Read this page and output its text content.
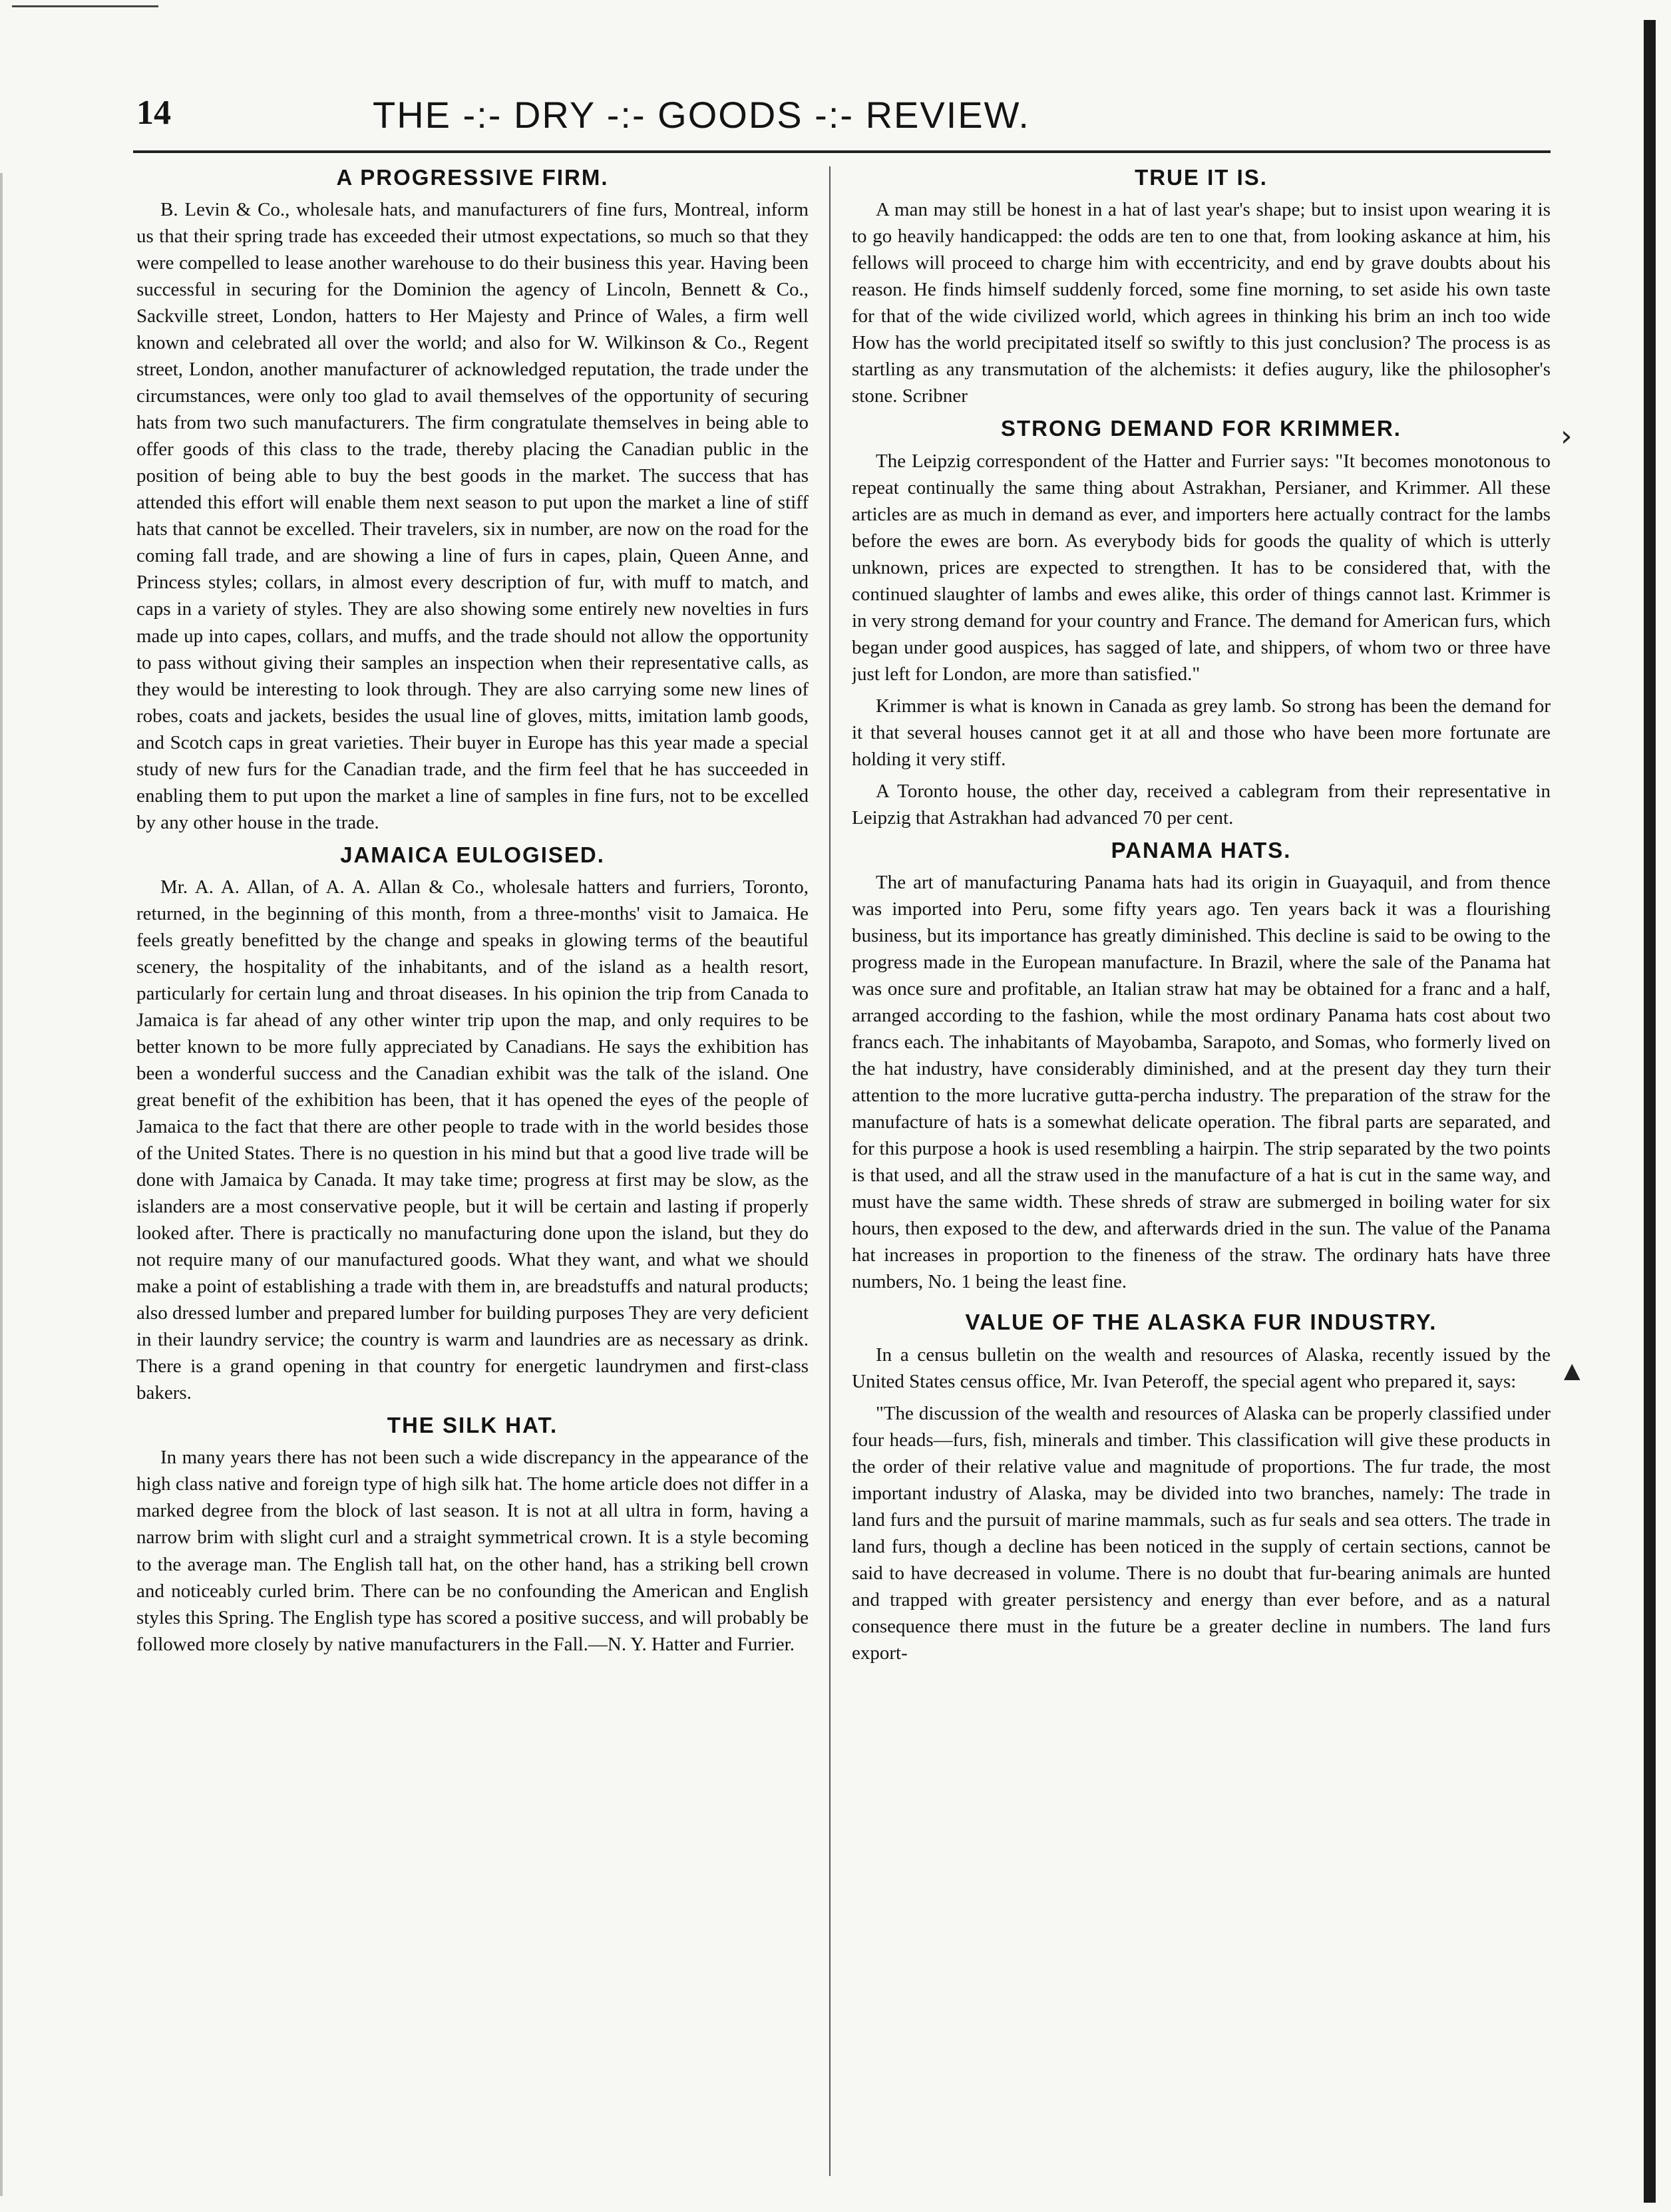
14	THE -:- DRY -:- GOODS -:- REVIEW.
A PROGRESSIVE FIRM.

B. Levin & Co., wholesale hats, and manufacturers of fine furs, Montreal, inform us that their spring trade has exceeded their utmost expectations, so much so that they were compelled to lease another warehouse to do their business this year. Having been successful in securing for the Dominion the agency of Lincoln, Bennett & Co., Sackville street, London, hatters to Her Majesty and Prince of Wales, a firm well known and celebrated all over the world; and also for W. Wilkinson & Co., Regent street, London, another manufacturer of acknowledged reputation, the trade under the circumstances, were only too glad to avail themselves of the opportunity of securing hats from two such manufacturers. The firm congratulate themselves in being able to offer goods of this class to the trade, thereby placing the Canadian public in the position of being able to buy the best goods in the market. The success that has attended this effort will enable them next season to put upon the market a line of stiff hats that cannot be excelled. Their travelers, six in number, are now on the road for the coming fall trade, and are showing a line of furs in capes, plain, Queen Anne, and Princess styles; collars, in almost every description of fur, with muff to match, and caps in a variety of styles. They are also showing some entirely new novelties in furs made up into capes, collars, and muffs, and the trade should not allow the opportunity to pass without giving their samples an inspection when their representative calls, as they would be interesting to look through. They are also carrying some new lines of robes, coats and jackets, besides the usual line of gloves, mitts, imitation lamb goods, and Scotch caps in great varieties. Their buyer in Europe has this year made a special study of new furs for the Canadian trade, and the firm feel that he has succeeded in enabling them to put upon the market a line of samples in fine furs, not to be excelled by any other house in the trade.

JAMAICA EULOGISED.

Mr. A. A. Allan, of A. A. Allan & Co., wholesale hatters and furriers, Toronto, returned, in the beginning of this month, from a three-months' visit to Jamaica. He feels greatly benefitted by the change and speaks in glowing terms of the beautiful scenery, the hospitality of the inhabitants, and of the island as a health resort, particularly for certain lung and throat diseases. In his opinion the trip from Canada to Jamaica is far ahead of any other winter trip upon the map, and only requires to be better known to be more fully appreciated by Canadians. He says the exhibition has been a wonderful success and the Canadian exhibit was the talk of the island. One great benefit of the exhibition has been, that it has opened the eyes of the people of Jamaica to the fact that there are other people to trade with in the world besides those of the United States. There is no question in his mind but that a good live trade will be done with Jamaica by Canada. It may take time; progress at first may be slow, as the islanders are a most conservative people, but it will be certain and lasting if properly looked after. There is practically no manufacturing done upon the island, but they do not require many of our manufactured goods. What they want, and what we should make a point of establishing a trade with them in, are breadstuffs and natural products; also dressed lumber and prepared lumber for building purposes They are very deficient in their laundry service; the country is warm and laundries are as necessary as drink. There is a grand opening in that country for energetic laundrymen and first-class bakers.

THE SILK HAT.

In many years there has not been such a wide discrepancy in the appearance of the high class native and foreign type of high silk hat. The home article does not differ in a marked degree from the block of last season. It is not at all ultra in form, having a narrow brim with slight curl and a straight symmetrical crown. It is a style becoming to the average man. The English tall hat, on the other hand, has a striking bell crown and noticeably curled brim. There can be no confounding the American and English styles this Spring. The English type has scored a positive success, and will probably be followed more closely by native manufacturers in the Fall.—N. Y. Hatter and Furrier.

TRUE IT IS.

A man may still be honest in a hat of last year's shape; but to insist upon wearing it is to go heavily handicapped: the odds are ten to one that, from looking askance at him, his fellows will proceed to charge him with eccentricity, and end by grave doubts about his reason. He finds himself suddenly forced, some fine morning, to set aside his own taste for that of the wide civilized world, which agrees in thinking his brim an inch too wide How has the world precipitated itself so swiftly to this just conclusion? The process is as startling as any transmutation of the alchemists: it defies augury, like the philosopher's stone. Scribner

STRONG DEMAND FOR KRIMMER.

The Leipzig correspondent of the Hatter and Furrier says: "It becomes monotonous to repeat continually the same thing about Astrakhan, Persianer, and Krimmer. All these articles are as much in demand as ever, and importers here actually contract for the lambs before the ewes are born. As everybody bids for goods the quality of which is utterly unknown, prices are expected to strengthen. It has to be considered that, with the continued slaughter of lambs and ewes alike, this order of things cannot last. Krimmer is in very strong demand for your country and France. The demand for American furs, which began under good auspices, has sagged of late, and shippers, of whom two or three have just left for London, are more than satisfied."

Krimmer is what is known in Canada as grey lamb. So strong has been the demand for it that several houses cannot get it at all and those who have been more fortunate are holding it very stiff.

A Toronto house, the other day, received a cablegram from their representative in Leipzig that Astrakhan had advanced 70 per cent.

PANAMA HATS.

The art of manufacturing Panama hats had its origin in Guayaquil, and from thence was imported into Peru, some fifty years ago. Ten years back it was a flourishing business, but its importance has greatly diminished. This decline is said to be owing to the progress made in the European manufacture. In Brazil, where the sale of the Panama hat was once sure and profitable, an Italian straw hat may be obtained for a franc and a half, arranged according to the fashion, while the most ordinary Panama hats cost about two francs each. The inhabitants of Mayobamba, Sarapoto, and Somas, who formerly lived on the hat industry, have considerably diminished, and at the present day they turn their attention to the more lucrative gutta-percha industry. The preparation of the straw for the manufacture of hats is a somewhat delicate operation. The fibral parts are separated, and for this purpose a hook is used resembling a hairpin. The strip separated by the two points is that used, and all the straw used in the manufacture of a hat is cut in the same way, and must have the same width. These shreds of straw are submerged in boiling water for six hours, then exposed to the dew, and afterwards dried in the sun. The value of the Panama hat increases in proportion to the fineness of the straw. The ordinary hats have three numbers, No. 1 being the least fine.

VALUE OF THE ALASKA FUR INDUSTRY.

In a census bulletin on the wealth and resources of Alaska, recently issued by the United States census office, Mr. Ivan Peteroff, the special agent who prepared it, says:

"The discussion of the wealth and resources of Alaska can be properly classified under four heads—furs, fish, minerals and timber. This classification will give these products in the order of their relative value and magnitude of proportions. The fur trade, the most important industry of Alaska, may be divided into two branches, namely: The trade in land furs and the pursuit of marine mammals, such as fur seals and sea otters. The trade in land furs, though a decline has been noticed in the supply of certain sections, cannot be said to have decreased in volume. There is no doubt that fur-bearing animals are hunted and trapped with greater persistency and energy than ever before, and as a natural consequence there must in the future be a greater decline in numbers. The land furs export-

›
▲
